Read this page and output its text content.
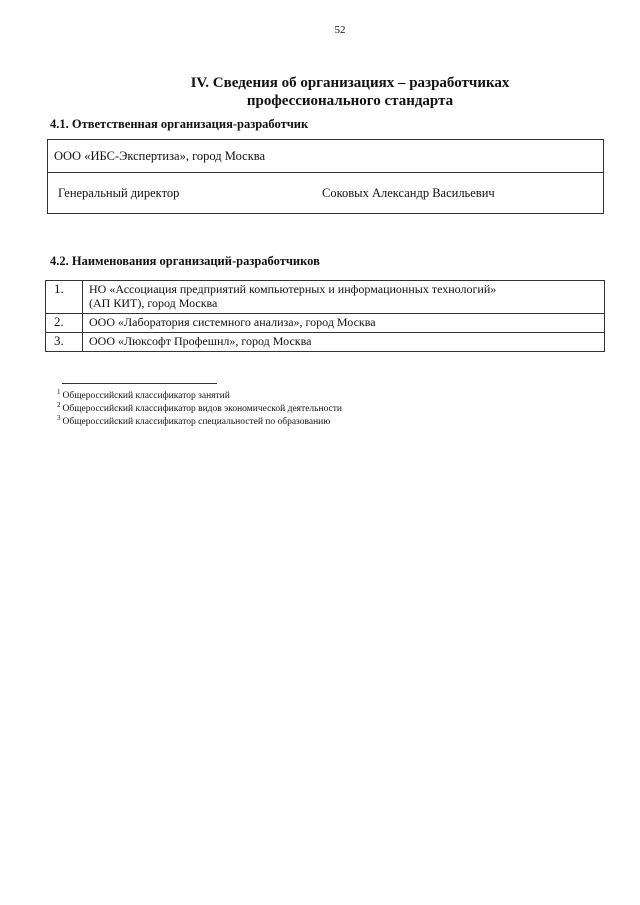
52
IV. Сведения об организациях – разработчиках
профессионального стандарта
4.1. Ответственная организация-разработчик
ООО «ИБС-Экспертиза», город Москва
Генеральный директор	Соковых Александр Васильевич
4.2. Наименования организаций-разработчиков
1.	НО «Ассоциация предприятий компьютерных и информационных технологий»
(АП КИТ), город Москва

2.	ООО «Лаборатория системного анализа», город Москва
3.	ООО «Люксофт Профешнл», город Москва
$^1$ Общероссийский классификатор занятий
$^2$ Общероссийский классификатор видов экономической деятельности
$^3$ Общероссийский классификатор специальностей по образованию
